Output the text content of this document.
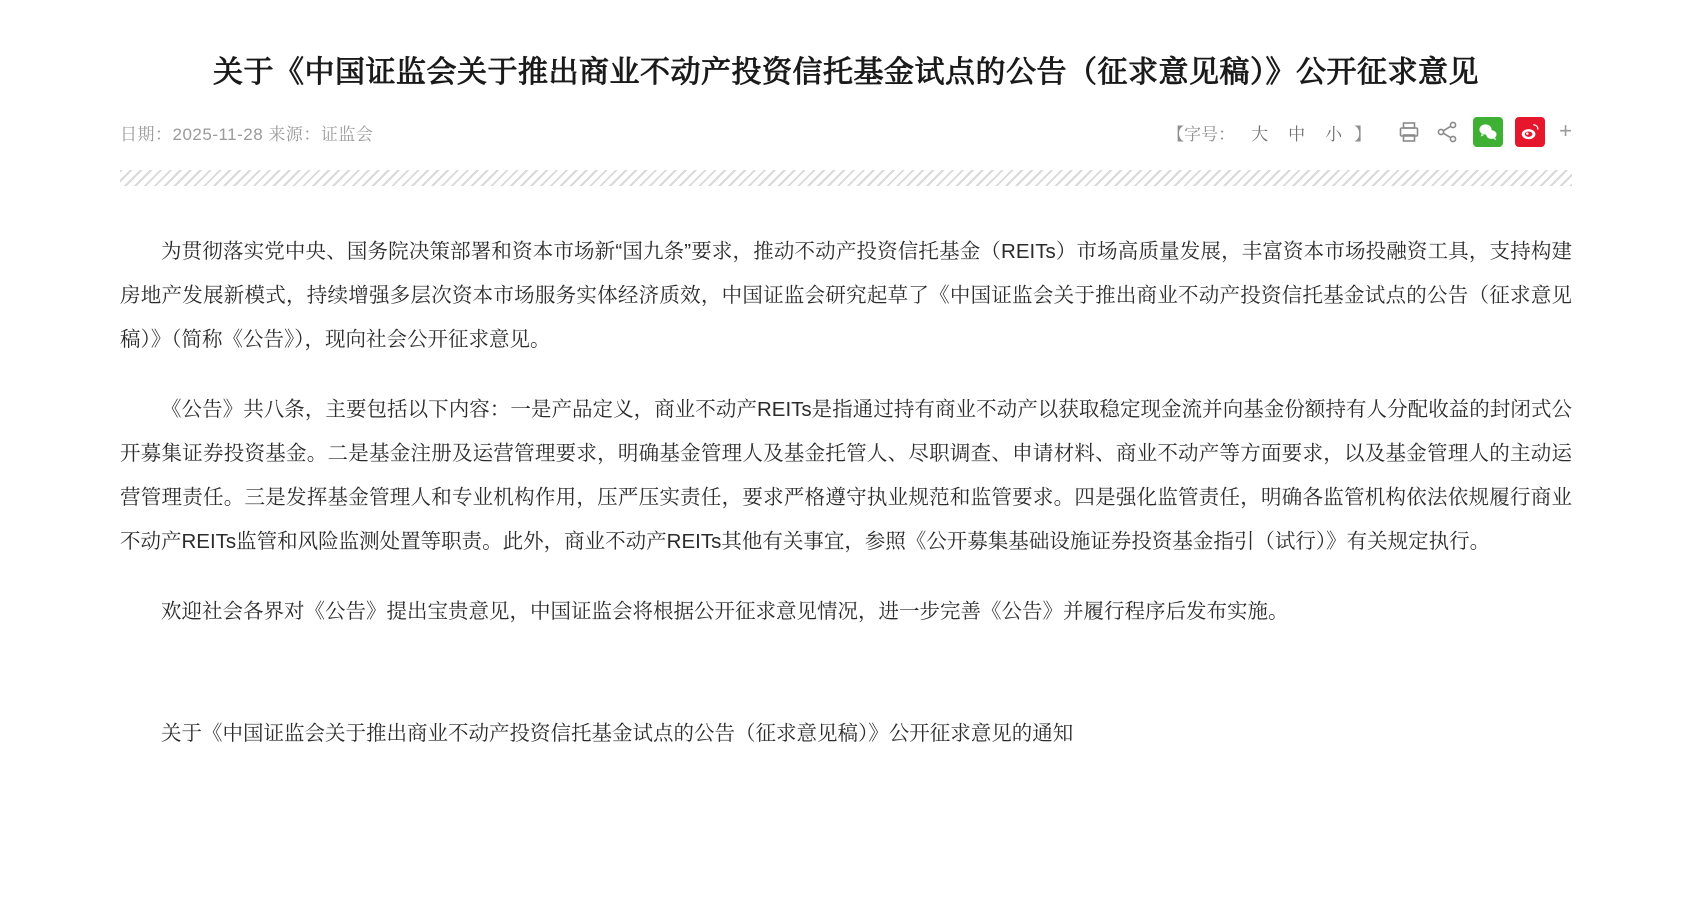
关于《中国证监会关于推出商业不动产投资信托基金试点的公告（征求意见稿）》公开征求意见
日期：2025-11-28 来源：证监会	【字号： 大	中	小 】	+

为贯彻落实党中央、国务院决策部署和资本市场新“国九条”要求，推动不动产投资信托基金（REITs）市场高质量发展，丰富资本市场投融资工具，支持构建房地产发展新模式，持续增强多层次资本市场服务实体经济质效，中国证监会研究起草了《中国证监会关于推出商业不动产投资信托基金试点的公告（征求意见稿）》（简称《公告》），现向社会公开征求意见。

《公告》共八条，主要包括以下内容：一是产品定义，商业不动产REITs是指通过持有商业不动产以获取稳定现金流并向基金份额持有人分配收益的封闭式公开募集证券投资基金。二是基金注册及运营管理要求，明确基金管理人及基金托管人、尽职调查、申请材料、商业不动产等方面要求，以及基金管理人的主动运营管理责任。三是发挥基金管理人和专业机构作用，压严压实责任，要求严格遵守执业规范和监管要求。四是强化监管责任，明确各监管机构依法依规履行商业不动产REITs监管和风险监测处置等职责。此外，商业不动产REITs其他有关事宜，参照《公开募集基础设施证券投资基金指引（试行）》有关规定执行。

欢迎社会各界对《公告》提出宝贵意见，中国证监会将根据公开征求意见情况，进一步完善《公告》并履行程序后发布实施。

关于《中国证监会关于推出商业不动产投资信托基金试点的公告（征求意见稿）》公开征求意见的通知
